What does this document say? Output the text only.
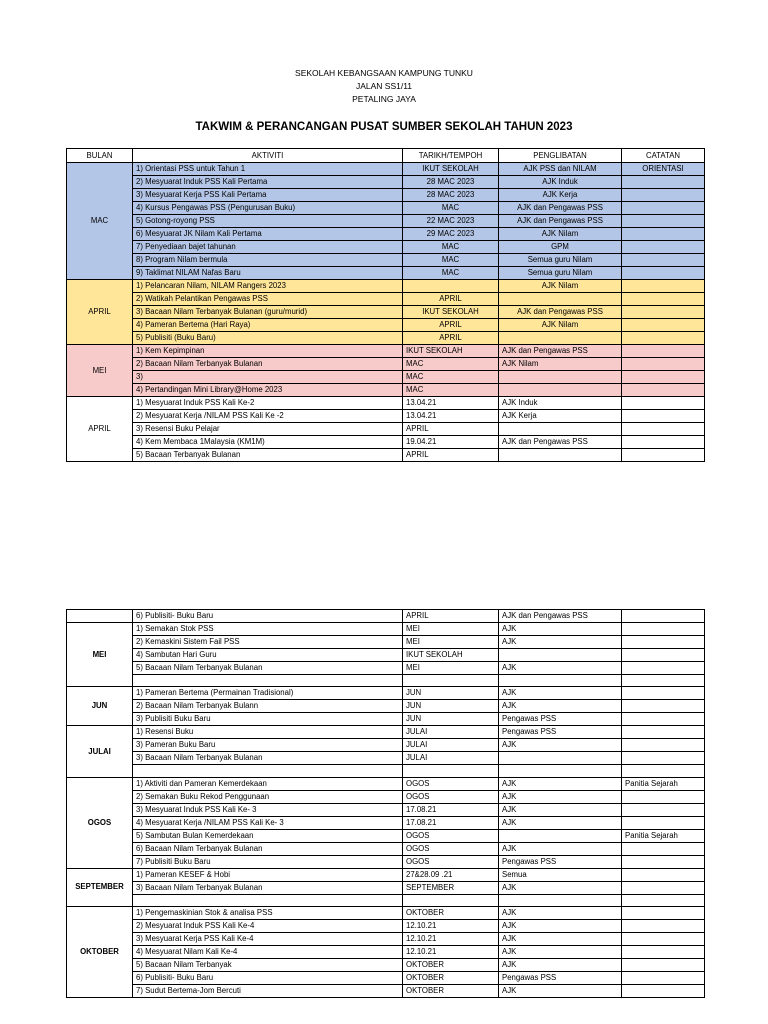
SEKOLAH KEBANGSAAN KAMPUNG TUNKU
JALAN SS1/11
PETALING JAYA
TAKWIM & PERANCANGAN PUSAT SUMBER SEKOLAH TAHUN 2023
BULAN	AKTIVITI	TARIKH/TEMPOH	PENGLIBATAN	CATATAN
MAC	1) Orientasi PSS untuk Tahun 1	IKUT SEKOLAH	AJK PSS dan NILAM	ORIENTASI
	2) Mesyuarat Induk PSS Kali Pertama	28 MAC 2023	AJK Induk	
	3) Mesyuarat Kerja PSS Kali Pertama	28 MAC 2023	AJK Kerja	
	4) Kursus Pengawas PSS (Pengurusan Buku)	MAC	AJK dan Pengawas PSS	
	5) Gotong-royong PSS	22 MAC 2023	AJK dan Pengawas PSS	
	6) Mesyuarat JK Nilam Kali Pertama	29 MAC 2023	AJK Nilam	
	7) Penyediaan bajet tahunan	MAC	GPM	
	8) Program Nilam bermula	MAC	Semua guru Nilam	
	9) Taklimat NILAM Nafas Baru	MAC	Semua guru Nilam	
APRIL	1) Pelancaran Nilam, NILAM Rangers 2023		AJK Nilam	
	2) Watikah Pelantikan Pengawas PSS	APRIL		
	3) Bacaan Nilam Terbanyak Bulanan (guru/murid)	IKUT SEKOLAH	AJK dan Pengawas PSS	
	4) Pameran Bertema (Hari Raya)	APRIL	AJK Nilam	
	5) Publisiti (Buku Baru)	APRIL		
MEI	1) Kem Kepimpinan	IKUT SEKOLAH	AJK dan Pengawas PSS	
	2) Bacaan Nilam Terbanyak Bulanan	MAC	AJK Nilam	
	3)	MAC		
	4) Pertandingan Mini Library@Home 2023	MAC		
APRIL	1) Mesyuarat Induk PSS Kali Ke-2	13.04.21	AJK Induk	
	2) Mesyuarat Kerja /NILAM PSS Kali Ke -2	13.04.21	AJK Kerja	
	3) Resensi Buku Pelajar	APRIL		
	4) Kem Membaca 1Malaysia (KM1M)	19.04.21	AJK dan Pengawas PSS	
	5) Bacaan Terbanyak Bulanan	APRIL		
	6) Publisiti- Buku Baru	APRIL	AJK dan Pengawas PSS	
MEI	1) Semakan Stok PSS	MEI	AJK	
	2) Kemaskini Sistem Fail PSS	MEI	AJK	
	4) Sambutan Hari Guru	IKUT SEKOLAH		
	5) Bacaan Nilam Terbanyak Bulanan	MEI	AJK	

JUN	1) Pameran Bertema (Permainan Tradisional)	JUN	AJK	
	2) Bacaan Nilam Terbanyak Bulann	JUN	AJK	
	3) Publisiti Buku Baru	JUN	Pengawas PSS	
JULAI	1) Resensi Buku	JULAI	Pengawas PSS	
	3) Pameran Buku Baru	JULAI	AJK	
	3) Bacaan Nilam Terbanyak Bulanan	JULAI		

OGOS	1) Aktiviti dan Pameran Kemerdekaan	OGOS	AJK	Panitia Sejarah
	2) Semakan Buku Rekod Penggunaan	OGOS	AJK	
	3) Mesyuarat Induk PSS Kali Ke- 3	17.08.21	AJK	
	4) Mesyuarat Kerja /NILAM PSS Kali Ke- 3	17.08.21	AJK	
	5) Sambutan Bulan Kemerdekaan	OGOS		Panitia Sejarah
	6) Bacaan Nilam Terbanyak Bulanan	OGOS	AJK	
	7) Publisiti Buku Baru	OGOS	Pengawas PSS	
SEPTEMBER	1) Pameran KESEF & Hobi	27&28.09 .21	Semua	
	3) Bacaan Nilam Terbanyak Bulanan	SEPTEMBER	AJK	

OKTOBER	1) Pengemaskinian Stok & analisa PSS	OKTOBER	AJK	
	2) Mesyuarat Induk PSS Kali Ke-4	12.10.21	AJK	
	3) Mesyuarat Kerja PSS Kali Ke-4	12.10.21	AJK	
	4) Mesyuarat Nilam Kali Ke-4	12.10.21	AJK	
	5) Bacaan Nilam Terbanyak	OKTOBER	AJK	
	6) Publisiti- Buku Baru	OKTOBER	Pengawas PSS	
	7) Sudut Bertema-Jom Bercuti	OKTOBER	AJK	
